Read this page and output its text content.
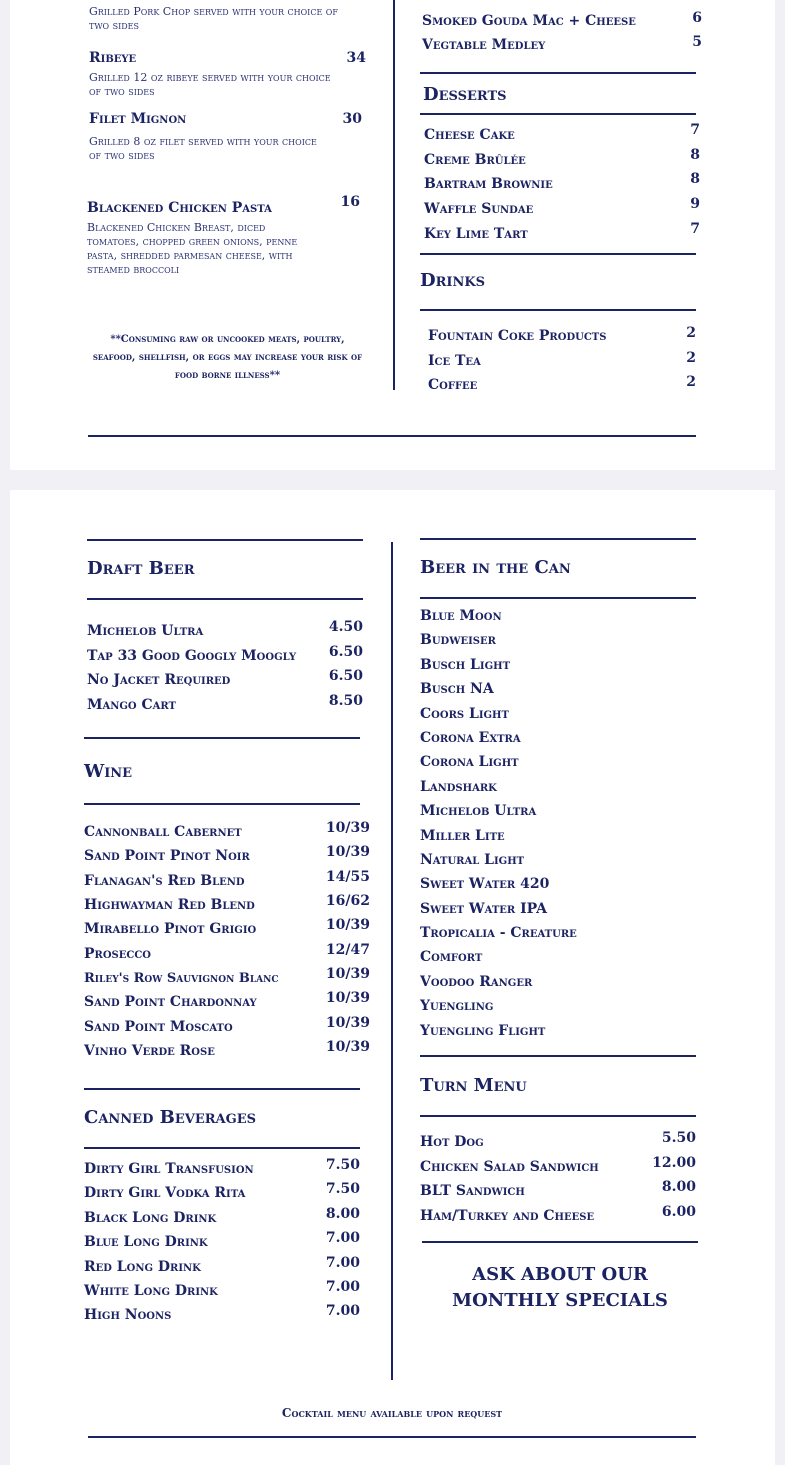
Grilled Pork Chop served with your choice of two sides
Ribeye	34
Grilled 12 oz ribeye served with your choice of two sides
Filet Mignon	30
Grilled 8 oz filet served with your choice of two sides
Blackened Chicken Pasta	16
Blackened Chicken Breast, diced tomatoes, chopped green onions, penne pasta, shredded parmesan cheese, with steamed broccoli
**Consuming raw or uncooked meats, poultry, seafood, shellfish, or eggs may increase your risk of food borne illness**
Smoked Gouda Mac + Cheese	6
Vegtable Medley	5
Desserts
Cheese Cake	7
Creme Brûlée	8
Bartram Brownie	8
Waffle Sundae	9
Key Lime Tart	7
Drinks
Fountain Coke Products	2
Ice Tea	2
Coffee	2
Draft Beer
Michelob Ultra	4.50
Tap 33 Good Googly Moogly 6.50
No Jacket Required	6.50
Mango Cart	8.50
Wine
Cannonball Cabernet	10/39
Sand Point Pinot Noir	10/39
Flanagan's Red Blend	14/55
Highwayman Red Blend	16/62
Mirabello Pinot Grigio	10/39
Prosecco	12/47
Riley's Row Sauvignon Blanc	10/39
Sand Point Chardonnay	10/39
Sand Point Moscato	10/39
Vinho Verde Rose	10/39
Canned Beverages
Dirty Girl Transfusion	7.50
Dirty Girl Vodka Rita	7.50
Black Long Drink	8.00
Blue Long Drink	7.00
Red Long Drink	7.00
White Long Drink	7.00
High Noons	7.00
Beer in the Can
Blue Moon
Budweiser
Busch Light
Busch NA
Coors Light
Corona Extra
Corona Light
Landshark
Michelob Ultra
Miller Lite
Natural Light
Sweet Water 420
Sweet Water IPA
Tropicalia - Creature
Comfort
Voodoo Ranger
Yuengling
Yuengling Flight
Turn Menu
Hot Dog	5.50
Chicken Salad Sandwich	12.00
BLT Sandwich	8.00
Ham/Turkey and Cheese	6.00
ASK ABOUT OUR
MONTHLY SPECIALS
Cocktail menu available upon request
